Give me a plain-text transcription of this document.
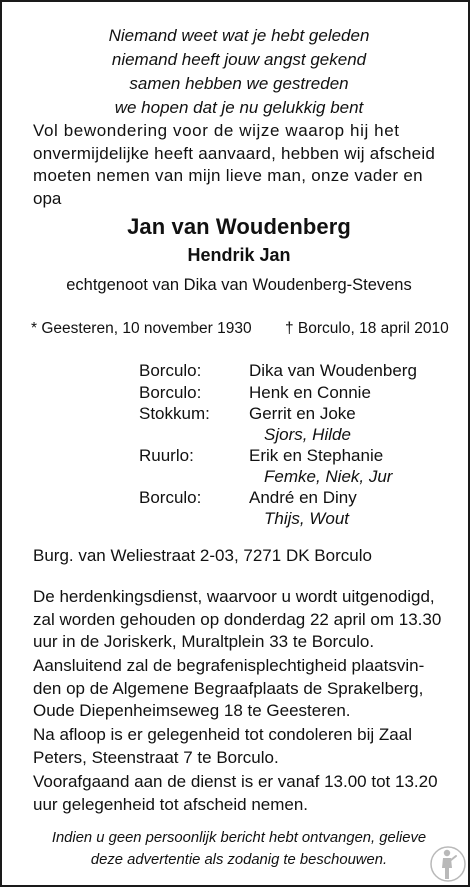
Niemand weet wat je hebt geleden
niemand heeft jouw angst gekend
samen hebben we gestreden
we hopen dat je nu gelukkig bent
Vol bewondering voor de wijze waarop hij het
onvermijdelijke heeft aanvaard, hebben wij afscheid
moeten nemen van mijn lieve man, onze vader en
opa
Jan van Woudenberg
Hendrik Jan
echtgenoot van Dika van Woudenberg-Stevens
* Geesteren, 10 november 1930 † Borculo, 18 april 2010
Borculo:	Dika van Woudenberg
Borculo:	Henk en Connie
Stokkum: Gerrit en Joke
Sjors, Hilde
Ruurlo:	Erik en Stephanie
Femke, Niek, Jur
Borculo:	André en Diny
Thijs, Wout
Burg. van Weliestraat 2-03, 7271 DK Borculo
De herdenkingsdienst, waarvoor u wordt uitgenodigd,
zal worden gehouden op donderdag 22 april om 13.30
uur in de Joriskerk, Muraltplein 33 te Borculo.
Aansluitend zal de begrafenisplechtigheid plaatsvin-
den op de Algemene Begraafplaats de Sprakelberg,
Oude Diepenheimseweg 18 te Geesteren.
Na afloop is er gelegenheid tot condoleren bij Zaal
Peters, Steenstraat 7 te Borculo.
Voorafgaand aan de dienst is er vanaf 13.00 tot 13.20
uur gelegenheid tot afscheid nemen.
Indien u geen persoonlijk bericht hebt ontvangen, gelieve
deze advertentie als zodanig te beschouwen.
